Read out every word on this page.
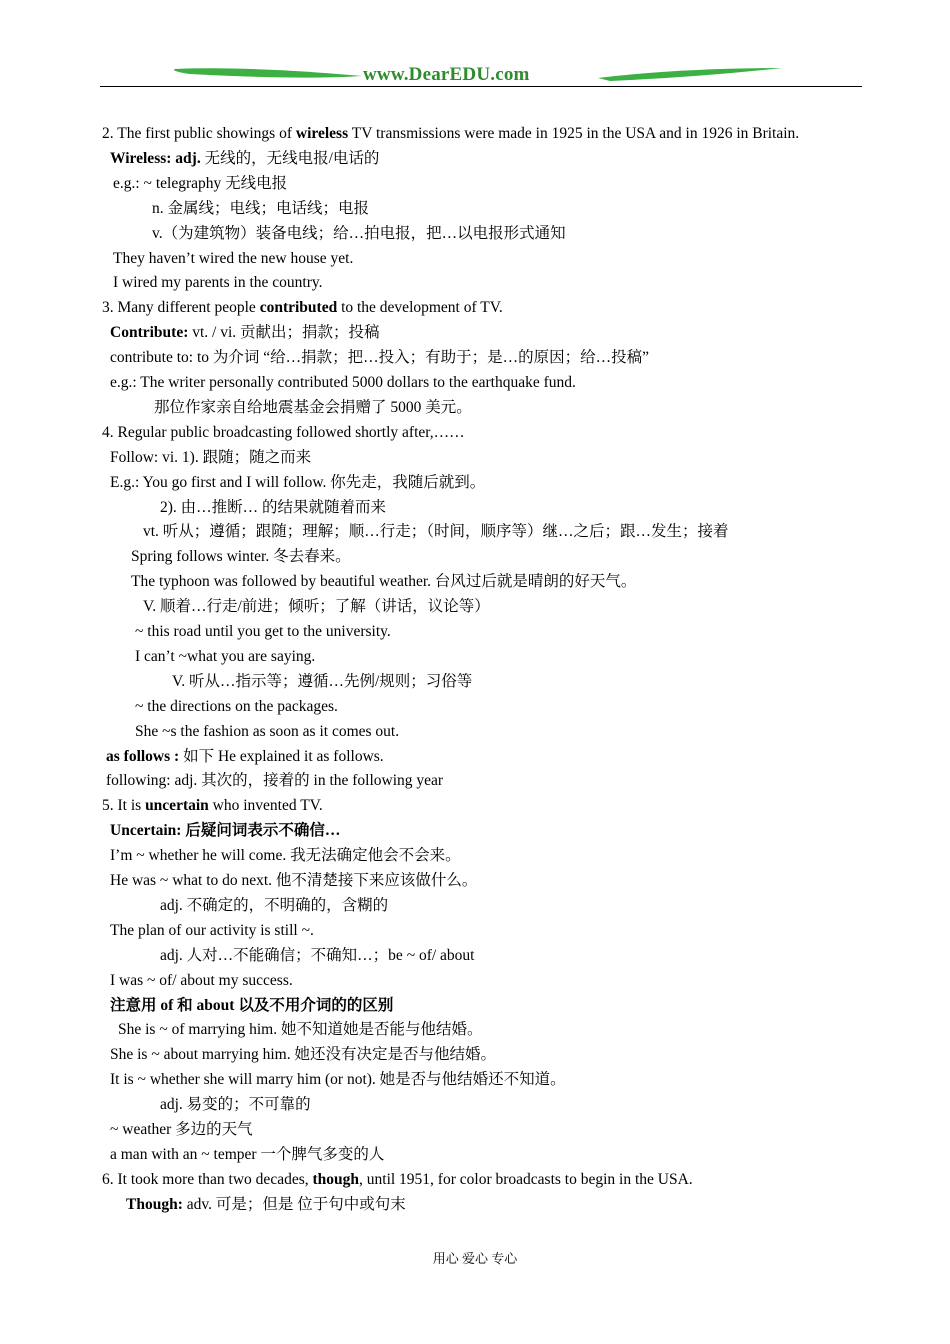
www.DearEDU.com
2. The first public showings of wireless TV transmissions were made in 1925 in the USA and in 1926 in Britain.
Wireless: adj. 无线的，无线电报/电话的
e.g.: ~ telegraphy 无线电报
n. 金属线；电线；电话线；电报
v.（为建筑物）装备电线；给…拍电报，把…以电报形式通知
They haven’t wired the new house yet.
I wired my parents in the country.
3. Many different people contributed to the development of TV.
Contribute: vt. / vi. 贡献出；捐款；投稿
contribute to: to 为介词 “给…捐款；把…投入；有助于；是…的原因；给…投稿”
e.g.: The writer personally contributed 5000 dollars to the earthquake fund.
那位作家亲自给地震基金会捐赠了 5000 美元。
4. Regular public broadcasting followed shortly after,……
Follow: vi. 1). 跟随；随之而来
E.g.: You go first and I will follow. 你先走，我随后就到。
2). 由…推断… 的结果就随着而来
vt. 听从；遵循；跟随；理解；顺…行走；（时间，顺序等）继…之后；跟…发生；接着
Spring follows winter. 冬去春来。
The typhoon was followed by beautiful weather. 台风过后就是晴朗的好天气。
V. 顺着…行走/前进；倾听；了解（讲话，议论等）
~ this road until you get to the university.
I can’t ~what you are saying.
V. 听从…指示等；遵循…先例/规则；习俗等
~ the directions on the packages.
She ~s the fashion as soon as it comes out.
as follows : 如下 He explained it as follows.
following: adj. 其次的，接着的 in the following year
5. It is uncertain who invented TV.
Uncertain: 后疑问词表示不确信…
I’m ~ whether he will come. 我无法确定他会不会来。
He was ~ what to do next. 他不清楚接下来应该做什么。
adj. 不确定的，不明确的，含糊的
The plan of our activity is still ~.
adj. 人对…不能确信；不确知…；be ~ of/ about
I was ~ of/ about my success.
注意用 of 和 about 以及不用介词的的区别
She is ~ of marrying him. 她不知道她是否能与他结婚。
She is ~ about marrying him. 她还没有决定是否与他结婚。
It is ~ whether she will marry him (or not). 她是否与他结婚还不知道。
adj. 易变的；不可靠的
~ weather 多边的天气
a man with an ~ temper 一个脾气多变的人
6. It took more than two decades, though, until 1951, for color broadcasts to begin in the USA.
Though: adv. 可是；但是 位于句中或句末
用心 爱心 专心
